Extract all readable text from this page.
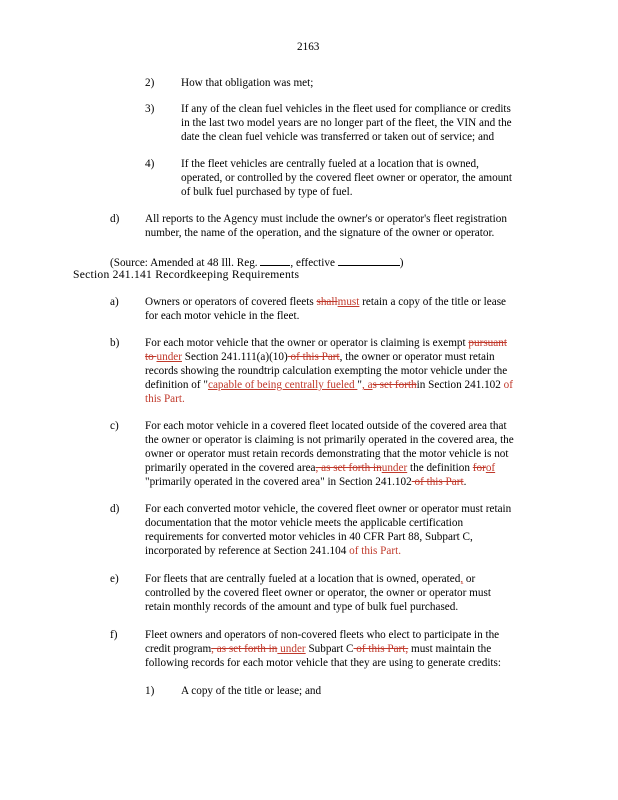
2163
2) How that obligation was met;
3) If any of the clean fuel vehicles in the fleet used for compliance or credits
in the last two model years are no longer part of the fleet, the VIN and the
date the clean fuel vehicle was transferred or taken out of service; and
4) If the fleet vehicles are centrally fueled at a location that is owned,
operated, or controlled by the covered fleet owner or operator, the amount
of bulk fuel purchased by type of fuel.
d) All reports to the Agency must include the owner's or operator's fleet registration
number, the name of the operation, and the signature of the owner or operator.
(Source: Amended at 48 Ill. Reg.	, effective	)
Section 241.141 Recordkeeping Requirements
a) Owners or operators of covered fleets shallmust retain a copy of the title or lease
for each motor vehicle in the fleet.
b) For each motor vehicle that the owner or operator is claiming is exempt pursuant
to under Section 241.111(a)(10) of this Part, the owner or operator must retain
records showing the roundtrip calculation exempting the motor vehicle under the
definition of "capable of being centrally fueled ", as set forthin Section 241.102 of
this Part.
c) For each motor vehicle in a covered fleet located outside of the covered area that
the owner or operator is claiming is not primarily operated in the covered area, the
owner or operator must retain records demonstrating that the motor vehicle is not
primarily operated in the covered area, as set forth inunder the definition forof
"primarily operated in the covered area" in Section 241.102 of this Part.
d) For each converted motor vehicle, the covered fleet owner or operator must retain
documentation that the motor vehicle meets the applicable certification
requirements for converted motor vehicles in 40 CFR Part 88, Subpart C,
incorporated by reference at Section 241.104 of this Part.
e) For fleets that are centrally fueled at a location that is owned, operated, or
controlled by the covered fleet owner or operator, the owner or operator must
retain monthly records of the amount and type of bulk fuel purchased.
f) Fleet owners and operators of non-covered fleets who elect to participate in the
credit program, as set forth in under Subpart C of this Part, must maintain the
following records for each motor vehicle that they are using to generate credits:
1) A copy of the title or lease; and
